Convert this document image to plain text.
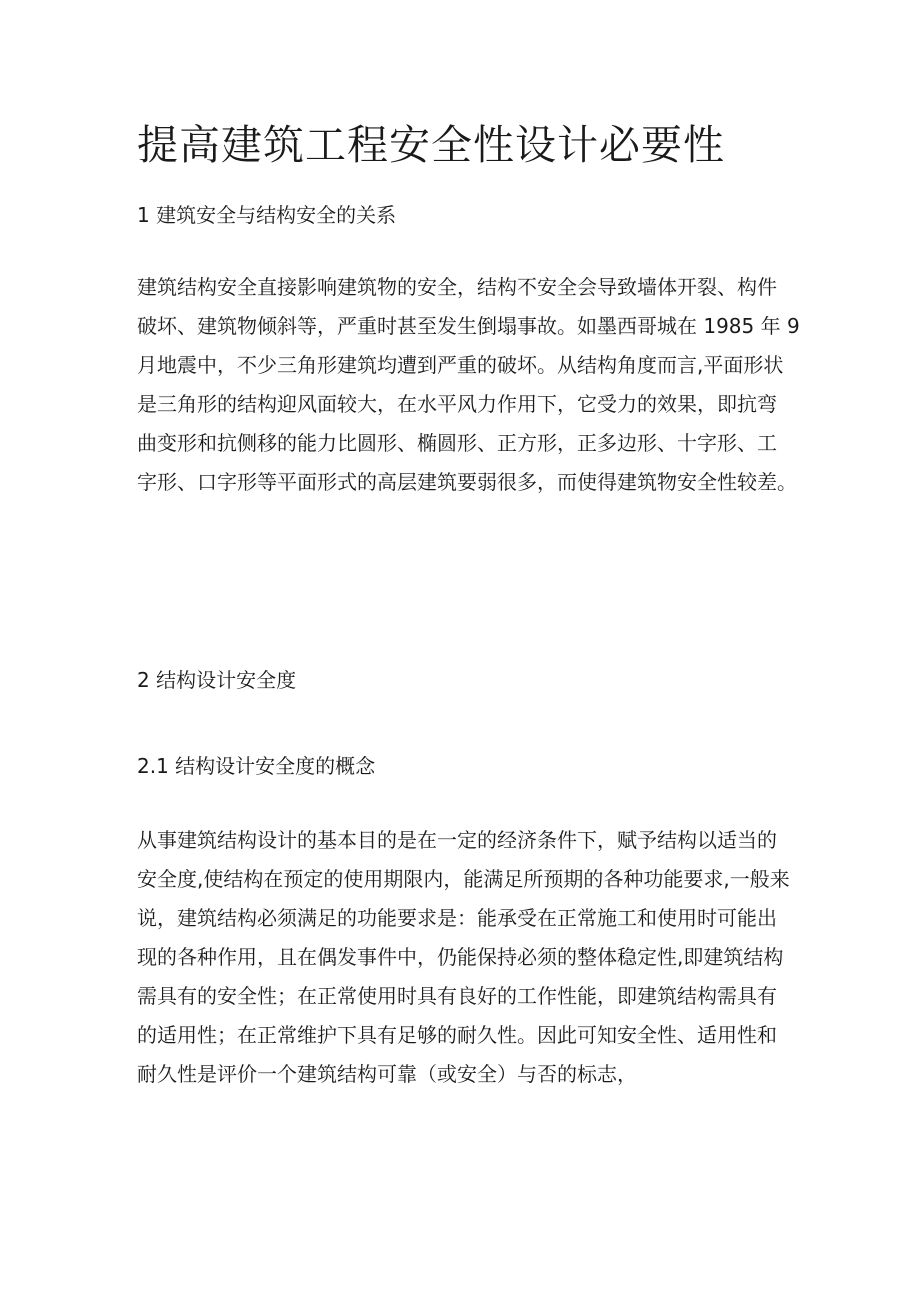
提高建筑工程安全性设计必要性
1 建筑安全与结构安全的关系
建筑结构安全直接影响建筑物的安全，结构不安全会导致墙体开裂、构件
破坏、建筑物倾斜等，严重时甚至发生倒塌事故。如墨西哥城在 1985 年 9
月地震中，不少三角形建筑均遭到严重的破坏。从结构角度而言,平面形状
是三角形的结构迎风面较大，在水平风力作用下，它受力的效果，即抗弯
曲变形和抗侧移的能力比圆形、椭圆形、正方形，正多边形、十字形、工
字形、口字形等平面形式的高层建筑要弱很多，而使得建筑物安全性较差。
2 结构设计安全度
2.1 结构设计安全度的概念
从事建筑结构设计的基本目的是在一定的经济条件下，赋予结构以适当的
安全度,使结构在预定的使用期限内，能满足所预期的各种功能要求,一般来
说，建筑结构必须满足的功能要求是：能承受在正常施工和使用时可能出
现的各种作用，且在偶发事件中，仍能保持必须的整体稳定性,即建筑结构
需具有的安全性；在正常使用时具有良好的工作性能，即建筑结构需具有
的适用性；在正常维护下具有足够的耐久性。因此可知安全性、适用性和
耐久性是评价一个建筑结构可靠（或安全）与否的标志，
